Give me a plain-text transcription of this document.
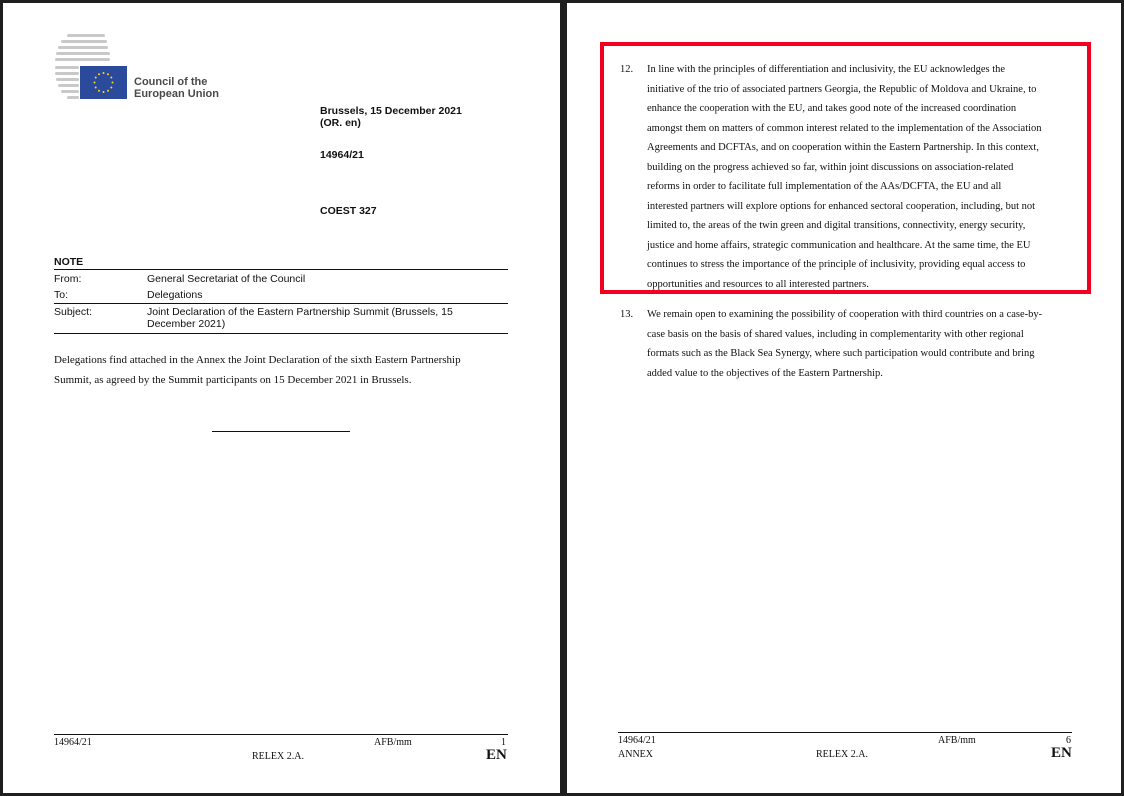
Council of the
European Union
Brussels, 15 December 2021
(OR. en)
14964/21
COEST 327
NOTE
From:	General Secretariat of the Council
To:	Delegations
Subject:	Joint Declaration of the Eastern Partnership Summit (Brussels, 15
December 2021)
Delegations find attached in the Annex the Joint Declaration of the sixth Eastern Partnership
Summit, as agreed by the Summit participants on 15 December 2021 in Brussels.
14964/21	AFB/mm	1
RELEX 2.A.	EN
12. In line with the principles of differentiation and inclusivity, the EU acknowledges the
initiative of the trio of associated partners Georgia, the Republic of Moldova and Ukraine, to
enhance the cooperation with the EU, and takes good note of the increased coordination
amongst them on matters of common interest related to the implementation of the Association
Agreements and DCFTAs, and on cooperation within the Eastern Partnership. In this context,
building on the progress achieved so far, within joint discussions on association-related
reforms in order to facilitate full implementation of the AAs/DCFTA, the EU and all
interested partners will explore options for enhanced sectoral cooperation, including, but not
limited to, the areas of the twin green and digital transitions, connectivity, energy security,
justice and home affairs, strategic communication and healthcare. At the same time, the EU
continues to stress the importance of the principle of inclusivity, providing equal access to
opportunities and resources to all interested partners.
13. We remain open to examining the possibility of cooperation with third countries on a case-by-
case basis on the basis of shared values, including in complementarity with other regional
formats such as the Black Sea Synergy, where such participation would contribute and bring
added value to the objectives of the Eastern Partnership.
14964/21
ANNEX
AFB/mm	6
RELEX 2.A.	EN
